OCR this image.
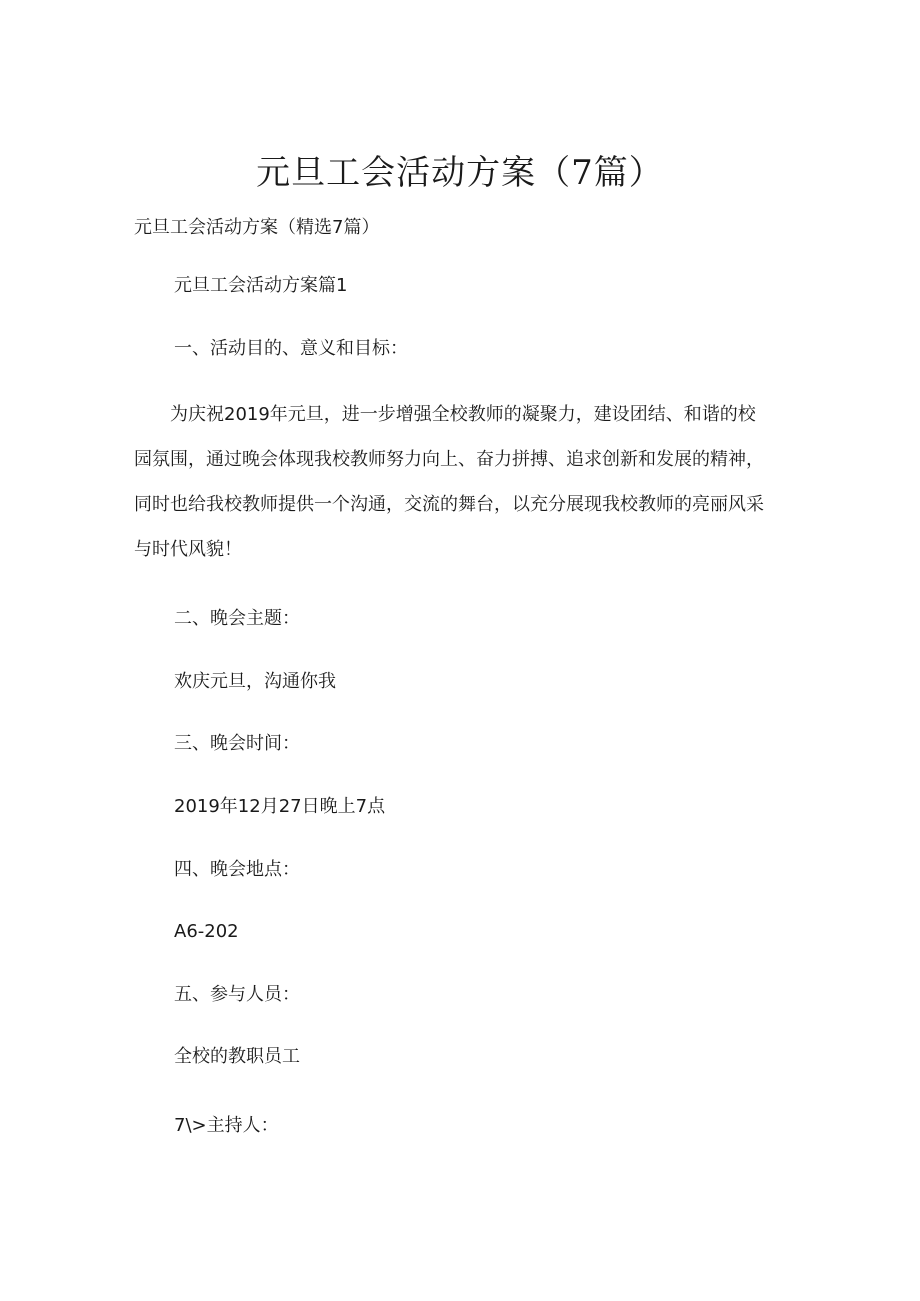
元旦工会活动方案（7篇）
元旦工会活动方案（精选7篇）
元旦工会活动方案篇1
一、活动目的、意义和目标：
　　为庆祝2019年元旦，进一步增强全校教师的凝聚力，建设团结、和谐的校
园氛围，通过晚会体现我校教师努力向上、奋力拼搏、追求创新和发展的精神，
同时也给我校教师提供一个沟通，交流的舞台，以充分展现我校教师的亮丽风采
与时代风貌！
二、晚会主题：
欢庆元旦，沟通你我
三、晚会时间：
2019年12月27日晚上7点
四、晚会地点：
A6-202
五、参与人员：
全校的教职员工
7\>主持人：
